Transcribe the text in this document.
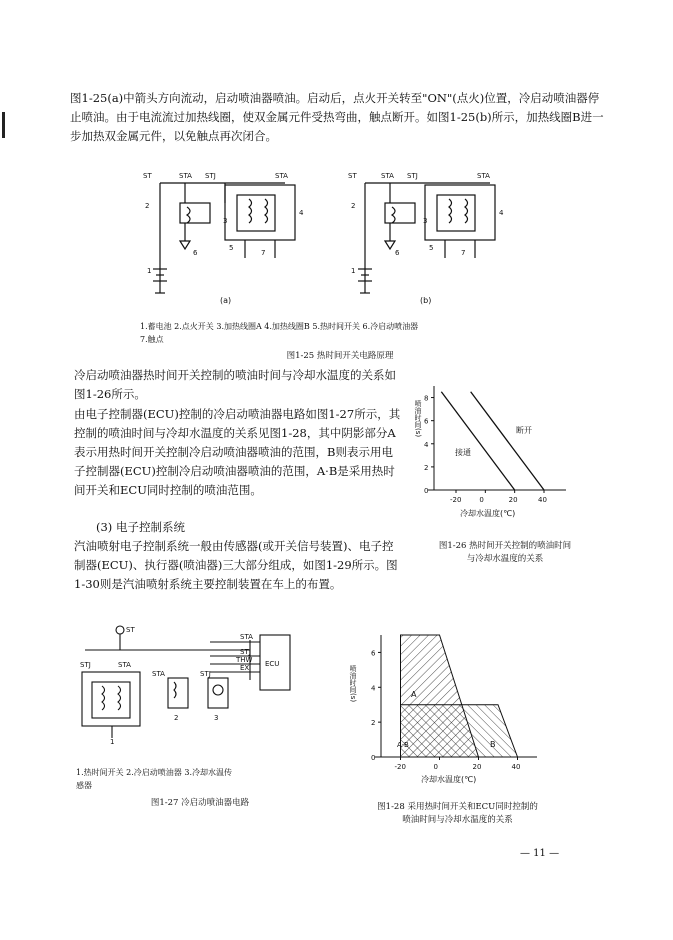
图1-25(a)中箭头方向流动，启动喷油器喷油。启动后，点火开关转至"ON"(点火)位置，冷启动喷油器停止喷油。由于电流流过加热线圈，使双金属元件受热弯曲，触点断开。如图1-25(b)所示，加热线圈B进一步加热双金属元件，以免触点再次闭合。

ST	STA STJ	STA
2
1
3
4
5
6	7
ST	STA STJ	STA
2
1
3
4
5
6	7
(a)	(b)
1.蓄电池 2.点火开关 3.加热线圈A 4.加热线圈B 5.热时间开关 6.冷启动喷油器
7.触点
图1-25 热时间开关电路原理

冷启动喷油器热时间开关控制的喷油时间与冷却水温度的关系如图1-26所示。

由电子控制器(ECU)控制的冷启动喷油器电路如图1-27所示，其控制的喷油时间与冷却水温度的关系见图1-28，其中阴影部分A表示用热时间开关控制冷启动喷油器喷油的范围，B则表示用电子控制器(ECU)控制冷启动喷油器喷油的范围，A·B是采用热时间开关和ECU同时控制的喷油范围。

(3) 电子控制系统

汽油喷射电子控制系统一般由传感器(或开关信号装置)、电子控制器(ECU)、执行器(喷油器)三大部分组成，如图1-29所示。图1-30则是汽油喷射系统主要控制装置在车上的布置。

0
2
4
6
8
-20	0	20	40
接通
断开
冷却水温度(℃)
喷油时间(s)
图1-26 热时间开关控制的喷油时间
与冷却水温度的关系
ST
STJ	STA
STA	STJ
STA
STJ
THW
EX ECU
1
2	3
1.热时间开关 2.冷启动喷油器 3.冷却水温传
感器
图1-27 冷启动喷油器电路
0
2
4
6
-20	0	20	40
A
B
A·B
冷却水温度(℃)
喷油时间(s)
图1-28 采用热时间开关和ECU同时控制的
喷油时间与冷却水温度的关系
— 11 —
